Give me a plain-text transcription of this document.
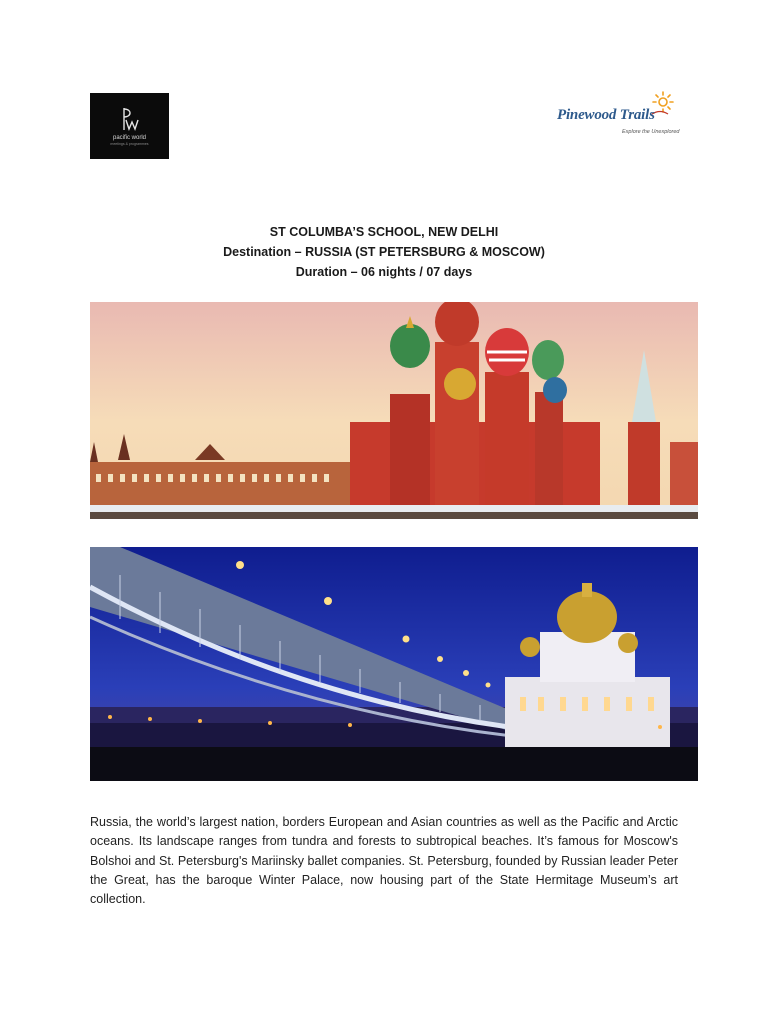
pacific world
meetings & programmes
Pinewood Trails
Explore the Unexplored
ST COLUMBA’S SCHOOL, NEW DELHI
Destination – RUSSIA (ST PETERSBURG & MOSCOW)
Duration – 06 nights / 07 days
Russia, the world’s largest nation, borders European and Asian countries as well as the Pacific and Arctic oceans. Its landscape ranges from tundra and forests to subtropical beaches. It’s famous for Moscow's Bolshoi and St. Petersburg's Mariinsky ballet companies. St. Petersburg, founded by Russian leader Peter the Great, has the baroque Winter Palace, now housing part of the State Hermitage Museum’s art collection.
